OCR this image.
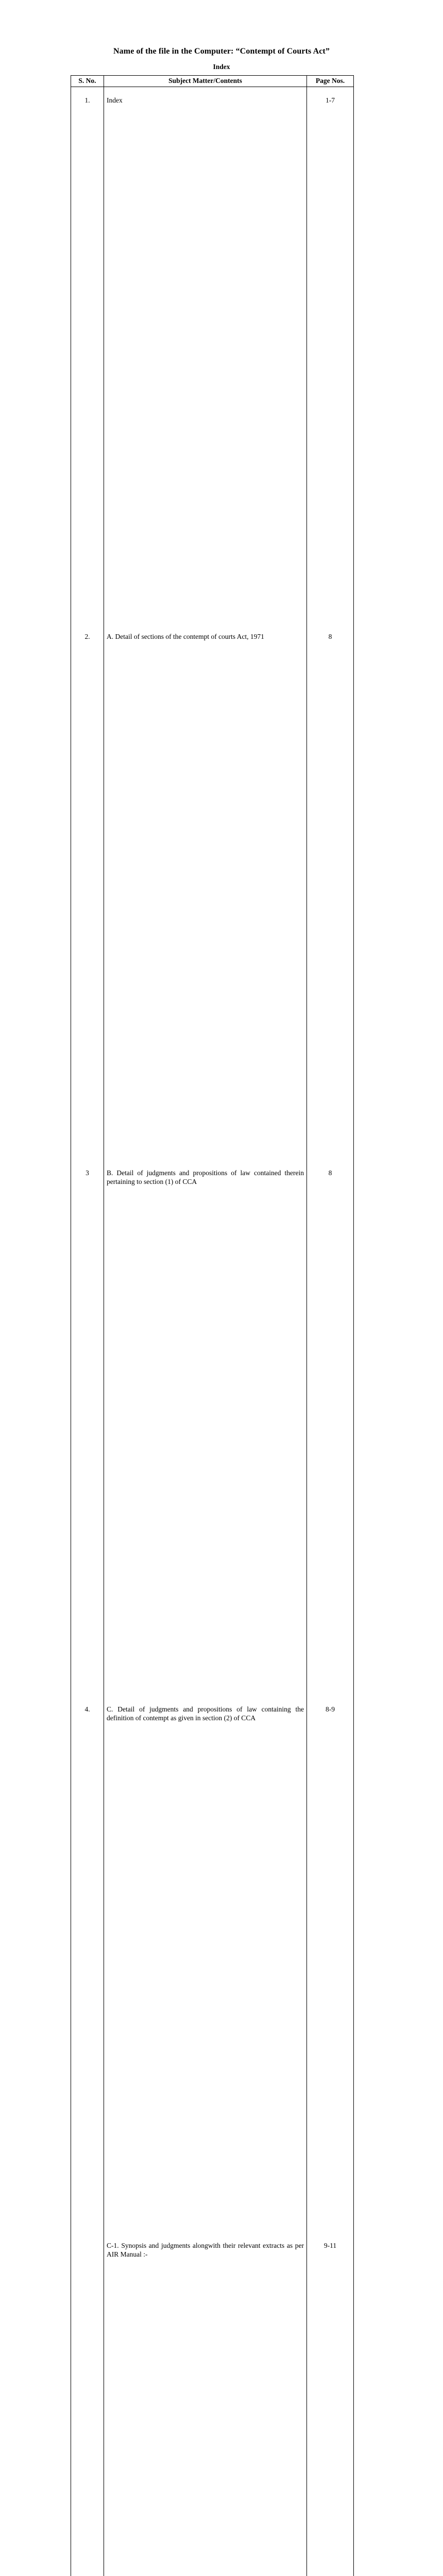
Name of the file in the Computer: “Contempt of Courts Act”
Index
S. No.	Subject Matter/Contents	Page Nos.
1.	Index	1-7
2.	A. Detail of sections of the contempt of courts Act, 1971	8
3	B. Detail of judgments and propositions of law contained therein pertaining to section (1) of CCA	8
4.	C. Detail of judgments and propositions of law containing the definition of contempt as given in section (2) of CCA	8-9
	C-1. Synopsis and judgments alongwith their relevant extracts as per AIR Manual :-	9-11
